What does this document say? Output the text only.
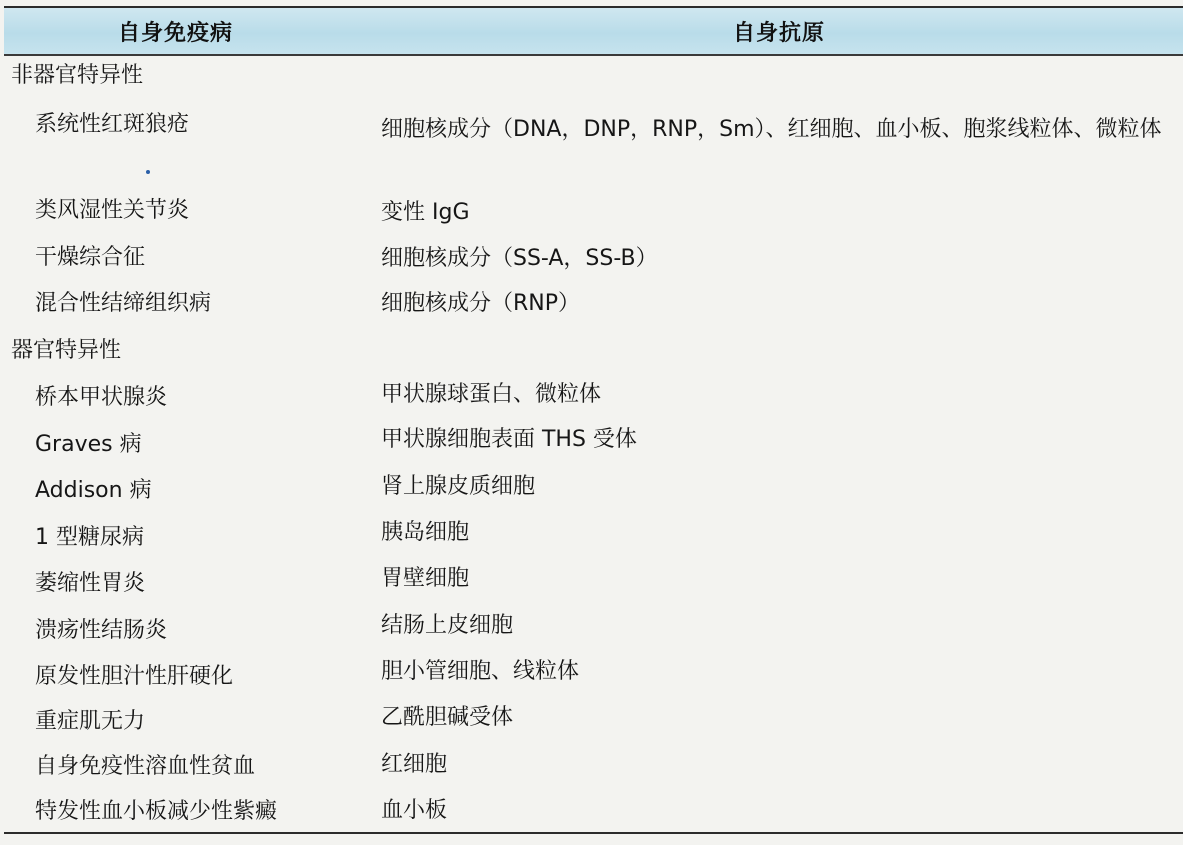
自身免疫病	自身抗原
非器官特异性
系统性红斑狼疮	细胞核成分（DNA，DNP，RNP，Sm）、红细胞、血小板、胞浆线粒体、微粒体
类风湿性关节炎	变性 IgG
干燥综合征	细胞核成分（SS-A，SS-B）
混合性结缔组织病	细胞核成分（RNP）
器官特异性
桥本甲状腺炎	甲状腺球蛋白、微粒体
Graves 病	甲状腺细胞表面 THS 受体
Addison 病	肾上腺皮质细胞
1 型糖尿病	胰岛细胞
萎缩性胃炎	胃壁细胞
溃疡性结肠炎	结肠上皮细胞
原发性胆汁性肝硬化	胆小管细胞、线粒体
重症肌无力	乙酰胆碱受体
自身免疫性溶血性贫血	红细胞
特发性血小板减少性紫癜	血小板
